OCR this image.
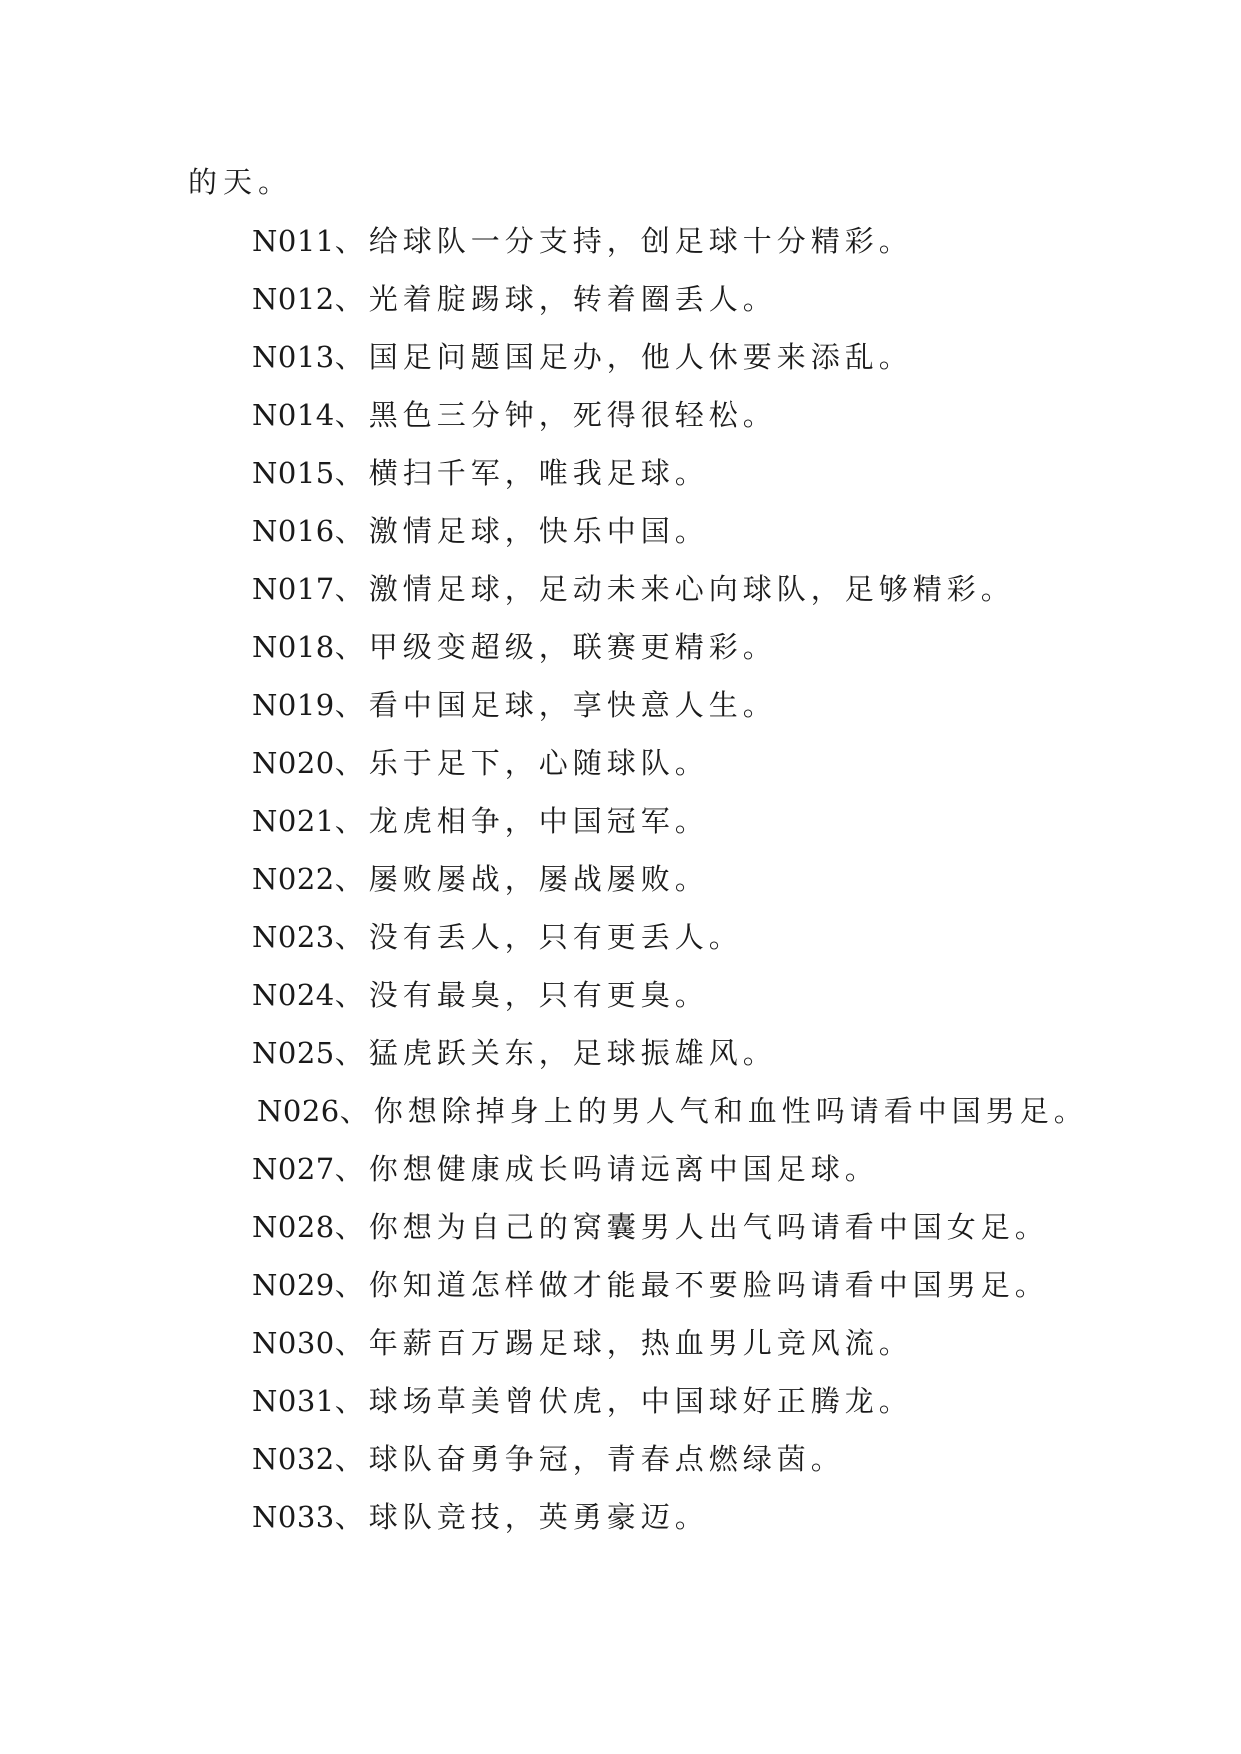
的天。
N011、给球队一分支持，创足球十分精彩。
N012、光着腚踢球，转着圈丢人。
N013、国足问题国足办，他人休要来添乱。
N014、黑色三分钟，死得很轻松。
N015、横扫千军，唯我足球。
N016、激情足球，快乐中国。
N017、激情足球，足动未来心向球队，足够精彩。
N018、甲级变超级，联赛更精彩。
N019、看中国足球，享快意人生。
N020、乐于足下，心随球队。
N021、龙虎相争，中国冠军。
N022、屡败屡战，屡战屡败。
N023、没有丢人，只有更丢人。
N024、没有最臭，只有更臭。
N025、猛虎跃关东，足球振雄风。
N026、你想除掉身上的男人气和血性吗请看中国男足。
N027、你想健康成长吗请远离中国足球。
N028、你想为自己的窝囊男人出气吗请看中国女足。
N029、你知道怎样做才能最不要脸吗请看中国男足。
N030、年薪百万踢足球，热血男儿竞风流。
N031、球场草美曾伏虎，中国球好正腾龙。
N032、球队奋勇争冠，青春点燃绿茵。
N033、球队竞技，英勇豪迈。
